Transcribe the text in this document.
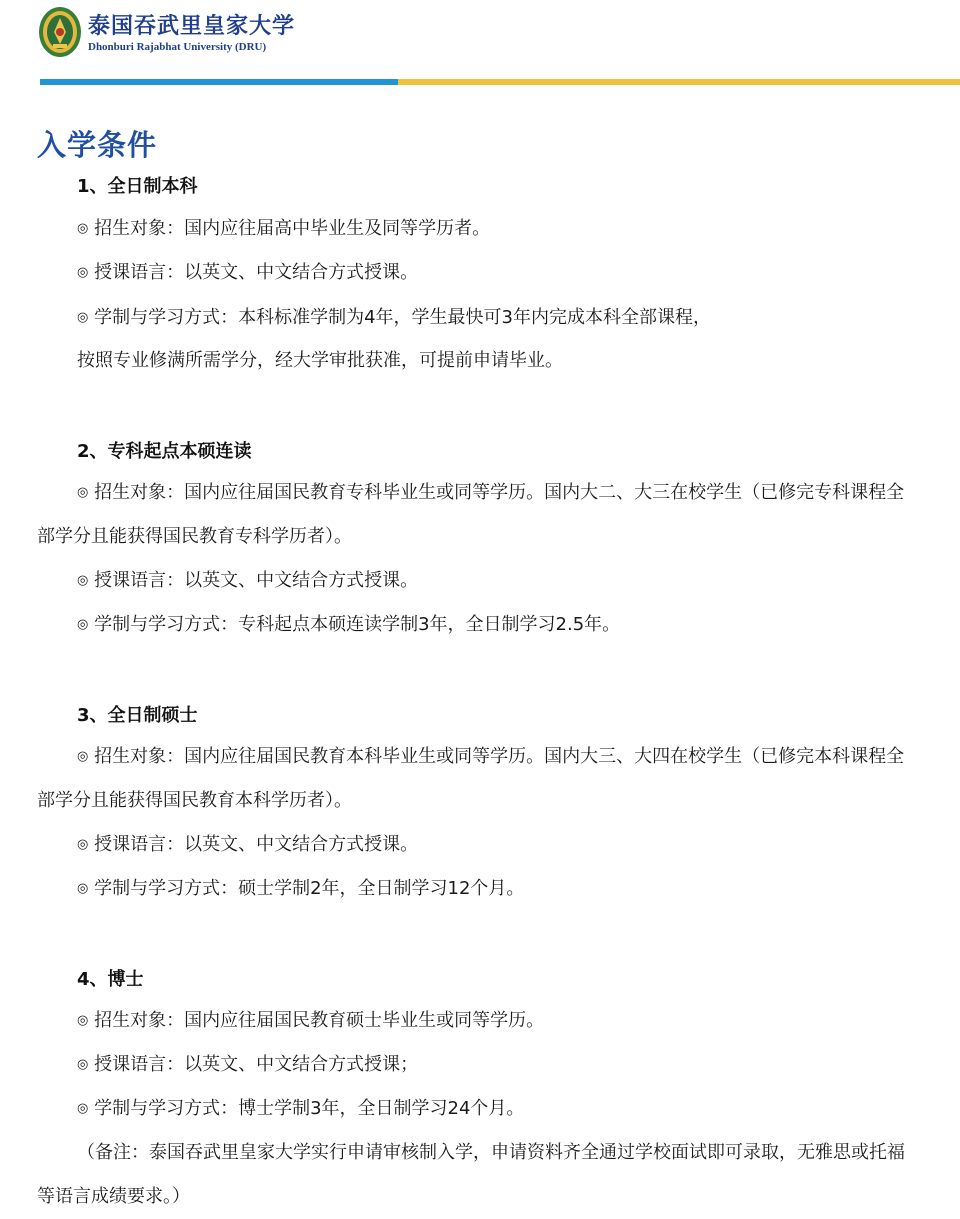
泰国吞武里皇家大学
Dhonburi Rajabhat University (DRU)
入学条件
1、全日制本科

◎ 招生对象：国内应往届高中毕业生及同等学历者。

◎ 授课语言：以英文、中文结合方式授课。

◎ 学制与学习方式：本科标准学制为4年，学生最快可3年内完成本科全部课程，

按照专业修满所需学分，经大学审批获准，可提前申请毕业。

2、专科起点本硕连读

◎ 招生对象：国内应往届国民教育专科毕业生或同等学历。国内大二、大三在校学生（已修完专科课程全部学分且能获得国民教育专科学历者）。

◎ 授课语言：以英文、中文结合方式授课。

◎ 学制与学习方式：专科起点本硕连读学制3年，全日制学习2.5年。

3、全日制硕士

◎ 招生对象：国内应往届国民教育本科毕业生或同等学历。国内大三、大四在校学生（已修完本科课程全部学分且能获得国民教育本科学历者）。

◎ 授课语言：以英文、中文结合方式授课。

◎ 学制与学习方式：硕士学制2年，全日制学习12个月。

4、博士

◎ 招生对象：国内应往届国民教育硕士毕业生或同等学历。

◎ 授课语言：以英文、中文结合方式授课；

◎ 学制与学习方式：博士学制3年，全日制学习24个月。

（备注：泰国吞武里皇家大学实行申请审核制入学，申请资料齐全通过学校面试即可录取，无雅思或托福等语言成绩要求。）
